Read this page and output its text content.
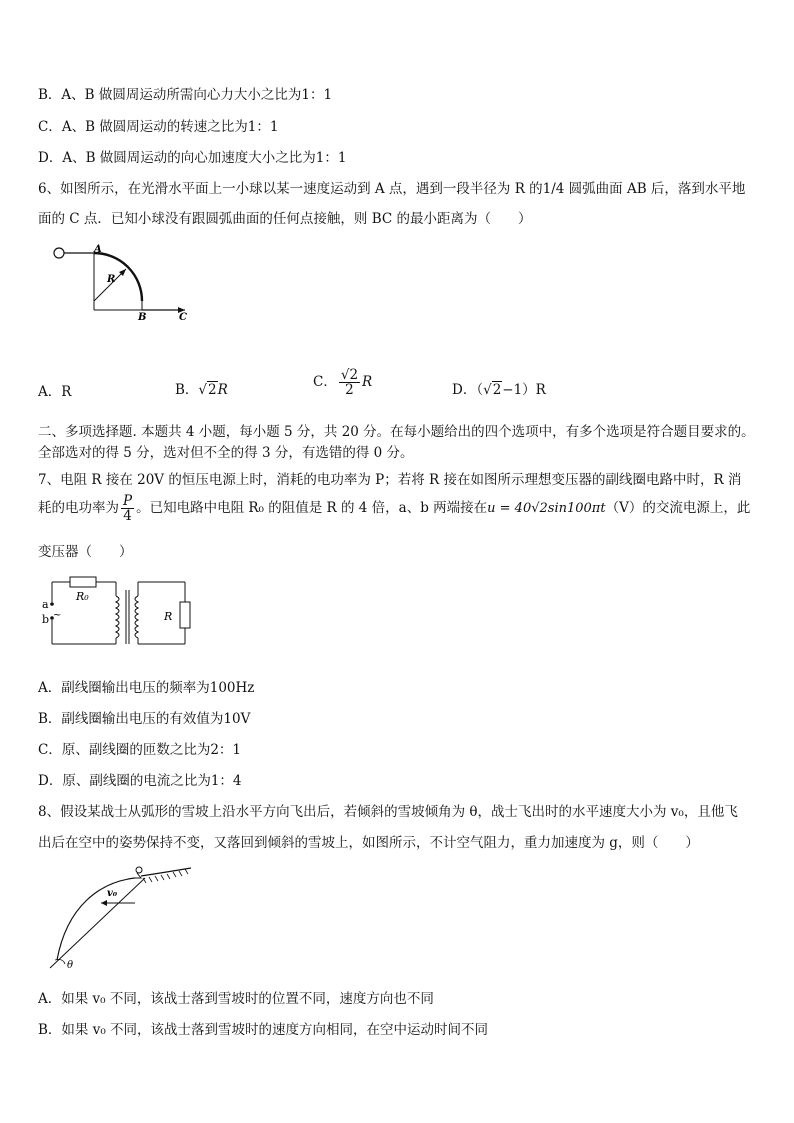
B．A、B 做圆周运动所需向心力大小之比为1：1
C．A、B 做圆周运动的转速之比为1：1
D．A、B 做圆周运动的向心加速度大小之比为1：1
6、如图所示，在光滑水平面上一小球以某一速度运动到 A 点，遇到一段半径为 R 的1/4 圆弧曲面 AB 后，落到水平地
面的 C 点．已知小球没有跟圆弧曲面的任何点接触，则 BC 的最小距离为（　　）
A
R
B	C
A．R	B．√2R	C． $\frac{√2}{2}$ R	D．（√2−1）R
二、多项选择题. 本题共 4 小题，每小题 5 分，共 20 分。在每小题给出的四个选项中，有多个选项是符合题目要求的。
全部选对的得 5 分，选对但不全的得 3 分，有选错的得 0 分。
7、电阻 R 接在 20V 的恒压电源上时，消耗的电功率为 P；若将 R 接在如图所示理想变压器的副线圈电路中时，R 消
耗的电功率为 $\frac{P}{4}$ 。已知电路中电阻 R₀ 的阻值是 R 的 4 倍，a、b 两端接在u = 40√2sin100πt（V）的交流电源上，此
变压器（　　）
a
b ~
R₀
R
A．副线圈输出电压的频率为100Hz
B．副线圈输出电压的有效值为10V
C．原、副线圈的匝数之比为2：1
D．原、副线圈的电流之比为1：4
8、假设某战士从弧形的雪坡上沿水平方向飞出后，若倾斜的雪坡倾角为 θ，战士飞出时的水平速度大小为 v₀，且他飞
出后在空中的姿势保持不变，又落回到倾斜的雪坡上，如图所示，不计空气阻力，重力加速度为 g，则（　　）
v₀
θ
A．如果 v₀ 不同，该战士落到雪坡时的位置不同，速度方向也不同
B．如果 v₀ 不同，该战士落到雪坡时的速度方向相同，在空中运动时间不同
